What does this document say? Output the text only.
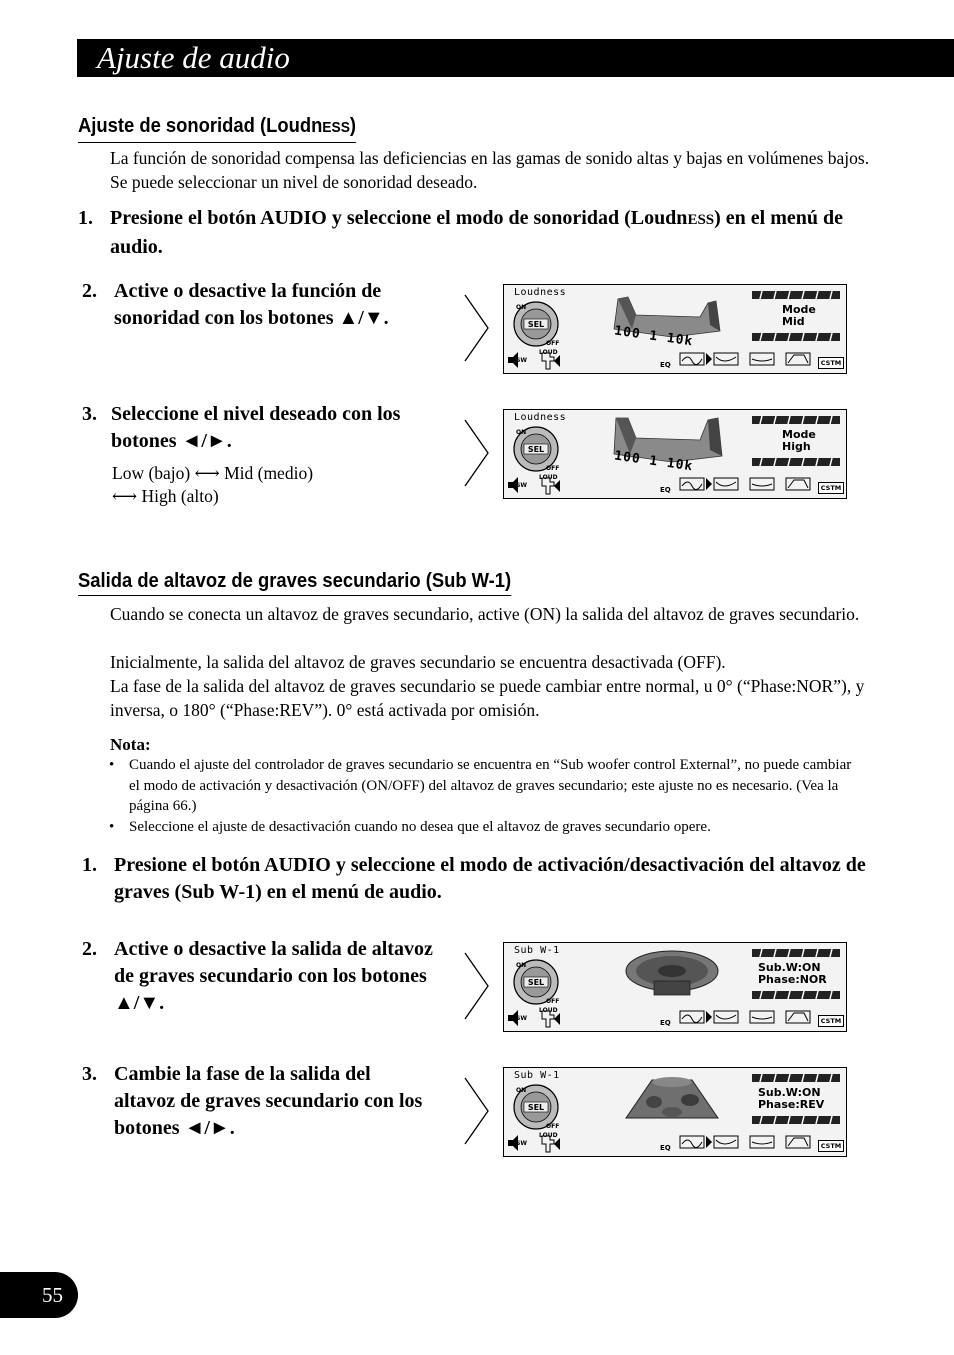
Ajuste de audio
Ajuste de sonoridad (LoudnESS)
La función de sonoridad compensa las deficiencias en las gamas de sonido altas y bajas en volúmenes bajos. Se puede seleccionar un nivel de sonoridad deseado.
1. Presione el botón AUDIO y seleccione el modo de sonoridad (LoudnESS) en el menú de audio.
2. Active o desactive la función de sonoridad con los botones ▲/▼.
3. Seleccione el nivel deseado con los botones ◄/►.
Low (bajo) ⟷ Mid (medio)
⟷ High (alto)
Loudness
SEL
ON
OFF	100 1 10k
Mode
Mid
SW
LOUD
EQ	CSTM
Loudness
SEL
ON
OFF	100 1 10k
Mode
High
SW
LOUD
EQ	CSTM
Salida de altavoz de graves secundario (Sub W-1)
Cuando se conecta un altavoz de graves secundario, active (ON) la salida del altavoz de graves secundario.
Inicialmente, la salida del altavoz de graves secundario se encuentra desactivada (OFF).
La fase de la salida del altavoz de graves secundario se puede cambiar entre normal, u 0° (“Phase:NOR”), y inversa, o 180° (“Phase:REV”). 0° está activada por omisión.
Nota:
• Cuando el ajuste del controlador de graves secundario se encuentra en “Sub woofer control External”, no puede cambiar el modo de activación y desactivación (ON/OFF) del altavoz de graves secundario; este ajuste no es necesario. (Vea la página 66.)
• Seleccione el ajuste de desactivación cuando no desea que el altavoz de graves secundario opere.
1. Presione el botón AUDIO y seleccione el modo de activación/desactivación del altavoz de graves (Sub W-1) en el menú de audio.
2. Active o desactive la salida de altavoz de graves secundario con los botones ▲/▼.
3. Cambie la fase de la salida del altavoz de graves secundario con los botones ◄/►.
Sub W-1
SEL
ON
OFF
Sub.W:ON
Phase:NOR
SW
LOUD
EQ	CSTM
Sub W-1
SEL
ON
OFF
Sub.W:ON
Phase:REV
SW
LOUD
EQ	CSTM
55
